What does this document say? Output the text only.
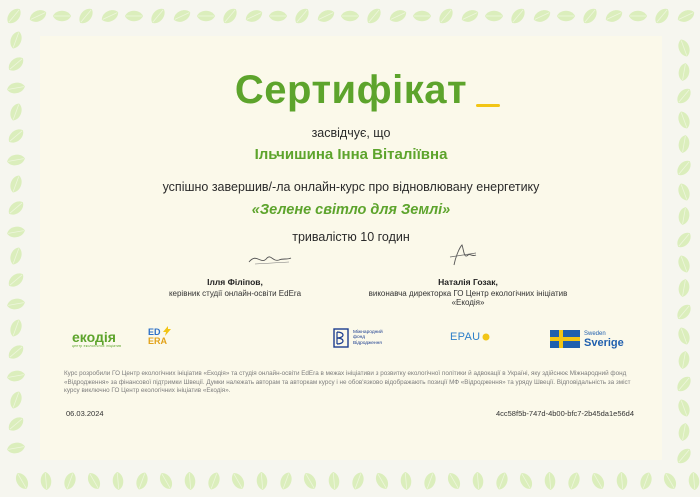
Сертифікат
засвідчує, що
Ільчишина Інна Віталіївна
успішно завершив/-ла онлайн-курс про відновлювану енергетику
«Зелене світло для Землі»
тривалістю 10 годин
Ілля Філіпов,
керівник студії онлайн-освіти EdEra
Наталія Гозак,
виконавча директорка ГО Центр екологічних ініціатив «Екодія»
екодія
центр екологічних ініціатив
ED
ERA
Міжнародний
фонд
Відродження
ЕРАU	Sweden
Sverige
Курс розробили ГО Центр екологічних ініціатив «Екодія» та студія онлайн-освіти EdEra в межах ініціативи з розвитку екологічної політики й адвокації в Україні, яку здійснює Міжнародний фонд «Відродження» за фінансової підтримки Швеції. Думки належать авторам та авторкам курсу і не обов'язково відображають позиції МФ «Відродження» та уряду Швеції. Відповідальність за зміст курсу виключно ГО Центр екологічних ініціатив «Екодія».
06.03.2024	4cc58f5b-747d-4b00-bfc7-2b45da1e56d4
